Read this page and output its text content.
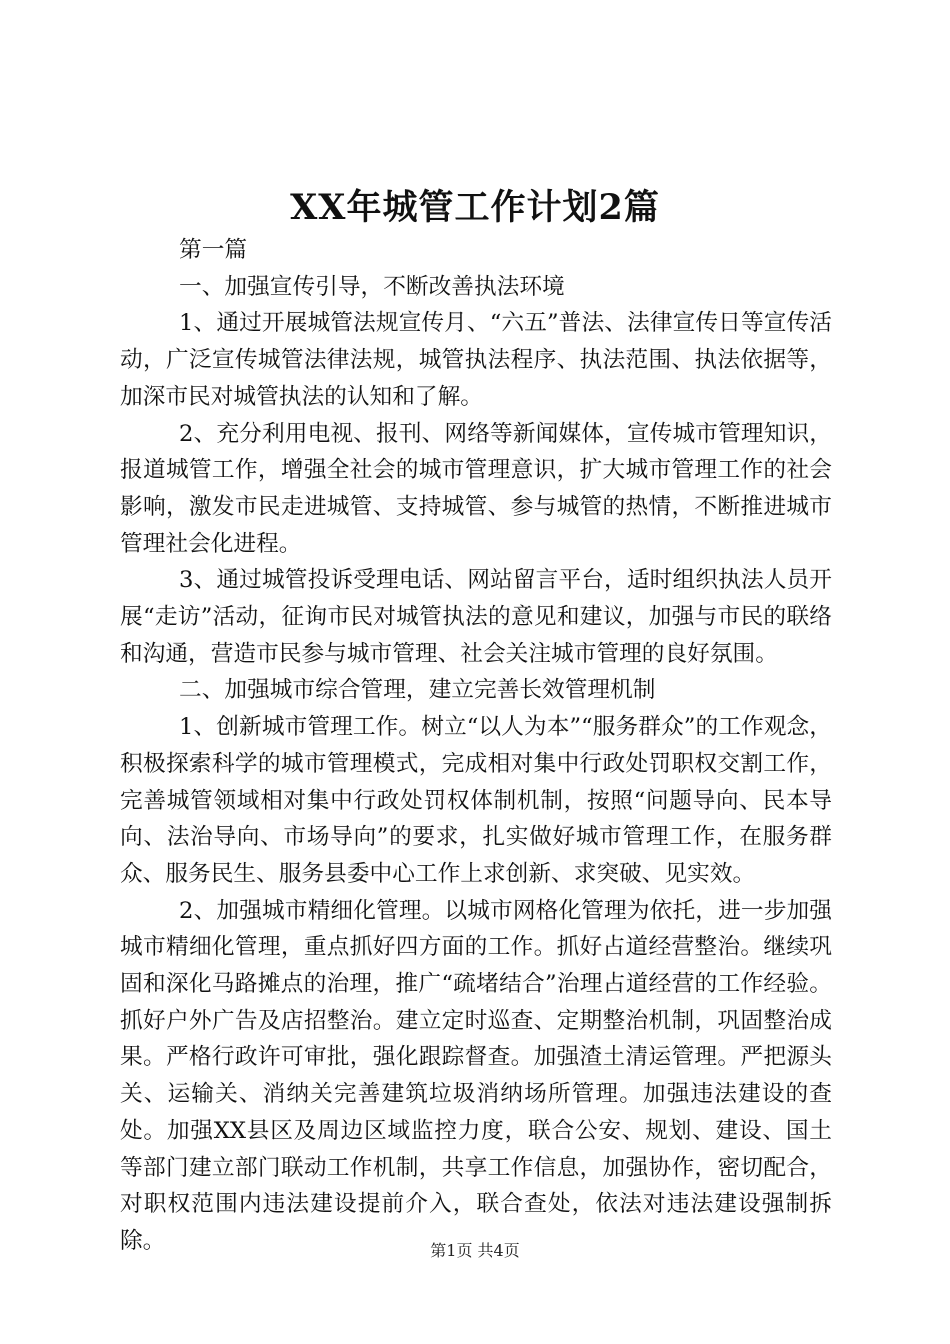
XX年城管工作计划2篇

第一篇

一、加强宣传引导，不断改善执法环境

1、通过开展城管法规宣传月、“六五”普法、法律宣传日等宣传活动，广泛宣传城管法律法规，城管执法程序、执法范围、执法依据等，加深市民对城管执法的认知和了解。

2、充分利用电视、报刊、网络等新闻媒体，宣传城市管理知识，报道城管工作，增强全社会的城市管理意识，扩大城市管理工作的社会影响，激发市民走进城管、支持城管、参与城管的热情，不断推进城市管理社会化进程。

3、通过城管投诉受理电话、网站留言平台，适时组织执法人员开展“走访”活动，征询市民对城管执法的意见和建议，加强与市民的联络和沟通，营造市民参与城市管理、社会关注城市管理的良好氛围。

二、加强城市综合管理，建立完善长效管理机制

1、创新城市管理工作。树立“以人为本”“服务群众”的工作观念，积极探索科学的城市管理模式，完成相对集中行政处罚职权交割工作，完善城管领域相对集中行政处罚权体制机制，按照“问题导向、民本导向、法治导向、市场导向”的要求，扎实做好城市管理工作，在服务群众、服务民生、服务县委中心工作上求创新、求突破、见实效。

2、加强城市精细化管理。以城市网格化管理为依托，进一步加强城市精细化管理，重点抓好四方面的工作。抓好占道经营整治。继续巩固和深化马路摊点的治理，推广“疏堵结合”治理占道经营的工作经验。抓好户外广告及店招整治。建立定时巡查、定期整治机制，巩固整治成果。严格行政许可审批，强化跟踪督查。加强渣土清运管理。严把源头关、运输关、消纳关完善建筑垃圾消纳场所管理。加强违法建设的查处。加强XX县区及周边区域监控力度，联合公安、规划、建设、国土等部门建立部门联动工作机制，共享工作信息，加强协作，密切配合，对职权范围内违法建设提前介入，联合查处，依法对违法建设强制拆除。	第1页 共4页
